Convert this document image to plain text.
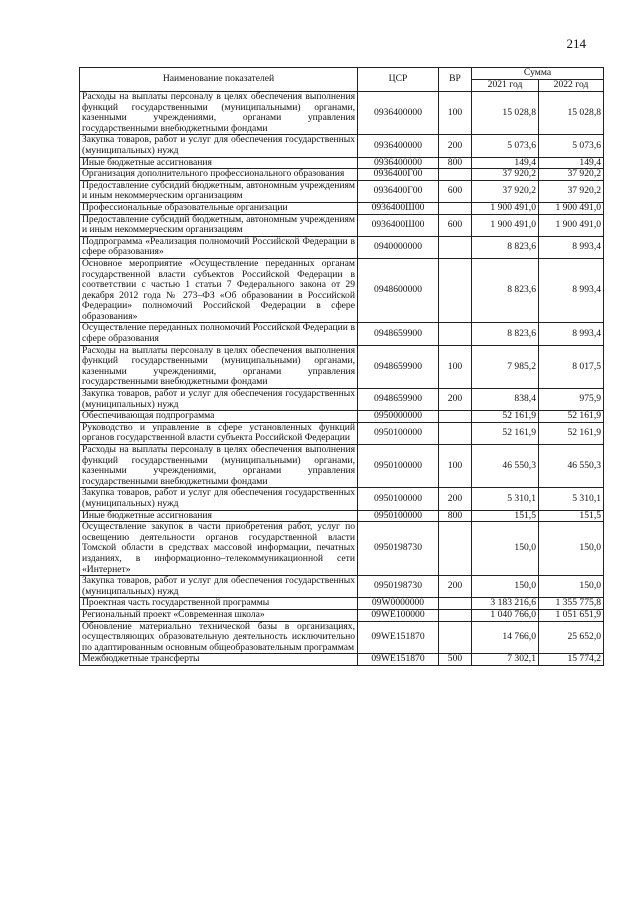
214
Наименование показателей	ЦСР	ВР	Сумма	
			2021 год	2022 год
Расходы на выплаты персоналу в целях обеспечения выполнения функций государственными (муниципальными) органами, казенными учреждениями, органами управления государственными внебюджетными фондами	0936400000	100	15 028,8	15 028,8
Закупка товаров, работ и услуг для обеспечения государственных (муниципальных) нужд	0936400000	200	5 073,6	5 073,6
Иные бюджетные ассигнования	0936400000	800	149,4	149,4
Организация дополнительного профессионального образования	0936400Г00		37 920,2	37 920,2
Предоставление субсидий бюджетным, автономным учреждениям и иным некоммерческим организациям	0936400Г00	600	37 920,2	37 920,2
Профессиональные образовательные организации	0936400Ш00		1 900 491,0	1 900 491,0
Предоставление субсидий бюджетным, автономным учреждениям и иным некоммерческим организациям	0936400Ш00	600	1 900 491,0	1 900 491,0
Подпрограмма «Реализация полномочий Российской Федерации в сфере образования»	0940000000		8 823,6	8 993,4
Основное мероприятие «Осуществление переданных органам государственной власти субъектов Российской Федерации в соответствии с частью 1 статьи 7 Федерального закона от 29 декабря 2012 года № 273–ФЗ «Об образовании в Российской Федерации» полномочий Российской Федерации в сфере образования»	0948600000		8 823,6	8 993,4
Осуществление переданных полномочий Российской Федерации в сфере образования	0948659900		8 823,6	8 993,4
Расходы на выплаты персоналу в целях обеспечения выполнения функций государственными (муниципальными) органами, казенными учреждениями, органами управления государственными внебюджетными фондами	0948659900	100	7 985,2	8 017,5
Закупка товаров, работ и услуг для обеспечения государственных (муниципальных) нужд	0948659900	200	838,4	975,9
Обеспечивающая подпрограмма	0950000000		52 161,9	52 161,9
Руководство и управление в сфере установленных функций органов государственной власти субъекта Российской Федерации	0950100000		52 161,9	52 161,9
Расходы на выплаты персоналу в целях обеспечения выполнения функций государственными (муниципальными) органами, казенными учреждениями, органами управления государственными внебюджетными фондами	0950100000	100	46 550,3	46 550,3
Закупка товаров, работ и услуг для обеспечения государственных (муниципальных) нужд	0950100000	200	5 310,1	5 310,1
Иные бюджетные ассигнования	0950100000	800	151,5	151,5
Осуществление закупок в части приобретения работ, услуг по освещению деятельности органов государственной власти Томской области в средствах массовой информации, печатных изданиях, в информационно–телекоммуникационной сети «Интернет»	0950198730		150,0	150,0
Закупка товаров, работ и услуг для обеспечения государственных (муниципальных) нужд	0950198730	200	150,0	150,0
Проектная часть государственной программы	09W0000000		3 183 216,6	1 355 775,8
Региональный проект «Современная школа»	09WE100000		1 040 766,0	1 051 651,9
Обновление материально технической базы в организациях, осуществляющих образовательную деятельность исключительно по адаптированным основным общеобразовательным программам	09WE151870		14 766,0	25 652,0
Межбюджетные трансферты	09WE151870	500	7 302,1	15 774,2
